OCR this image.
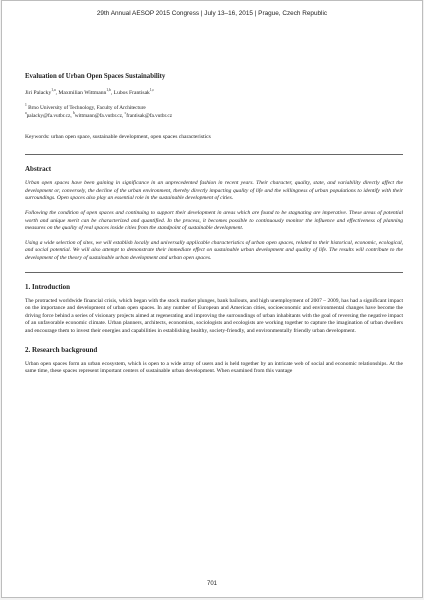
29th Annual AESOP 2015 Congress | July 13–16, 2015 | Prague, Czech Republic
Evaluation of Urban Open Spaces Sustainability
Jiri Palacky$^{1,a}$, Maxmilian Wittmann$^{1,b}$, Lubos Frantisak$^{1,c}$
$^1$ Brno University of Technology, Faculty of Architecture
$^a$palacky@fa.vutbr.cz, $^b$wittmann@fa.vutbr.cz, $^c$frantisak@fa.vutbr.cz
Keywords: urban open space, sustainable development, open spaces characteristics
Abstract

Urban open spaces have been gaining in significance in an unprecedented fashion in recent years. Their character, quality, state, and variability directly affect the development or, conversely, the decline of the urban environment, thereby directly impacting quality of life and the willingness of urban populations to identify with their surroundings. Open spaces also play an essential role in the sustainable development of cities.

Following the condition of open spaces and continuing to support their development in areas which are found to be stagnating are imperative. These areas of potential worth and unique merit can be characterized and quantified. In the process, it becomes possible to continuously monitor the influence and effectiveness of planning measures on the quality of real spaces inside cities from the standpoint of sustainable development.

Using a wide selection of sites, we will establish locally and universally applicable characteristics of urban open spaces, related to their historical, economic, ecological, and social potential. We will also attempt to demonstrate their immediate effect on sustainable urban development and quality of life. The results will contribute to the development of the theory of sustainable urban development and urban open spaces.

1. Introduction

The protracted worldwide financial crisis, which began with the stock market plunges, bank bailouts, and high unemployment of 2007 – 2009, has had a significant impact on the importance and development of urban open spaces. In any number of European and American cities, socioeconomic and environmental changes have become the driving force behind a series of visionary projects aimed at regenerating and improving the surroundings of urban inhabitants with the goal of reversing the negative impact of an unfavorable economic climate. Urban planners, architects, economists, sociologists and ecologists are working together to capture the imagination of urban dwellers and encourage them to invest their energies and capabilities in establishing healthy, society-friendly, and environmentally friendly urban development.

2. Research background

Urban open spaces form an urban ecosystem, which is open to a wide array of users and is held together by an intricate web of social and economic relationships. At the same time, these spaces represent important centers of sustainable urban development. When examined from this vantage

701
